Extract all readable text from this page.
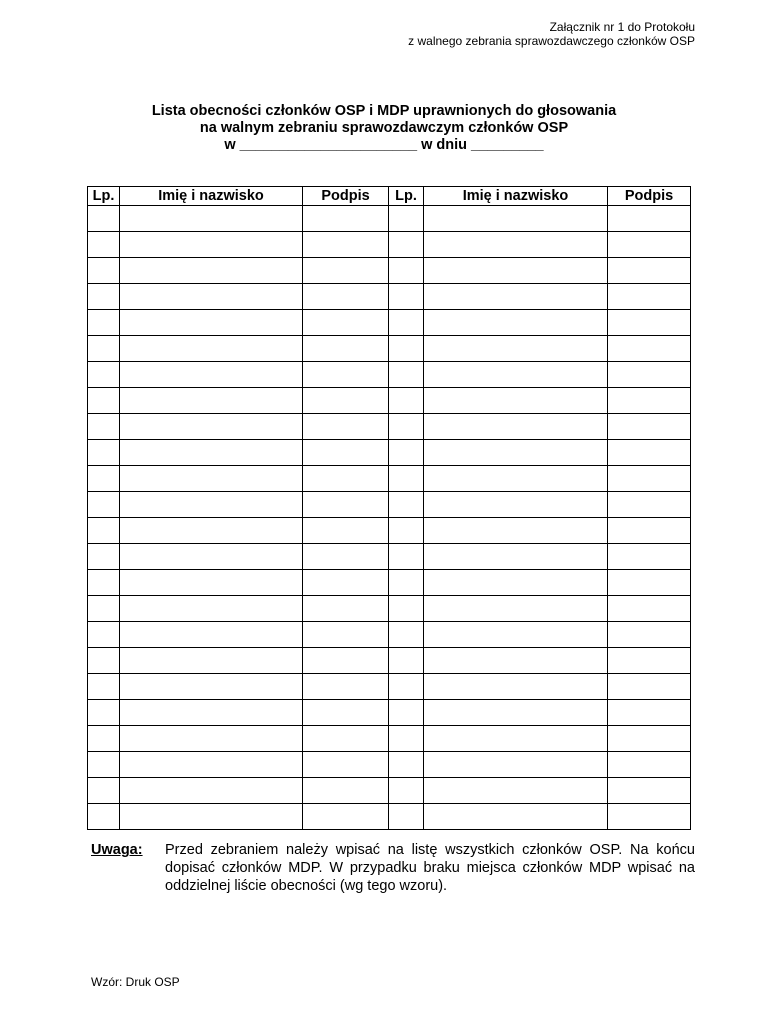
Załącznik nr 1 do Protokołu
z walnego zebrania sprawozdawczego członków OSP
Lista obecności członków OSP i MDP uprawnionych do głosowania
na walnym zebraniu sprawozdawczym członków OSP
w ______________________ w dniu _________
Lp.	Imię i nazwisko	Podpis	Lp.	Imię i nazwisko	Podpis

Uwaga: Przed zebraniem należy wpisać na listę wszystkich członków OSP. Na końcu dopisać członków MDP. W przypadku braku miejsca członków MDP wpisać na oddzielnej liście obecności (wg tego wzoru).
Wzór: Druk OSP
